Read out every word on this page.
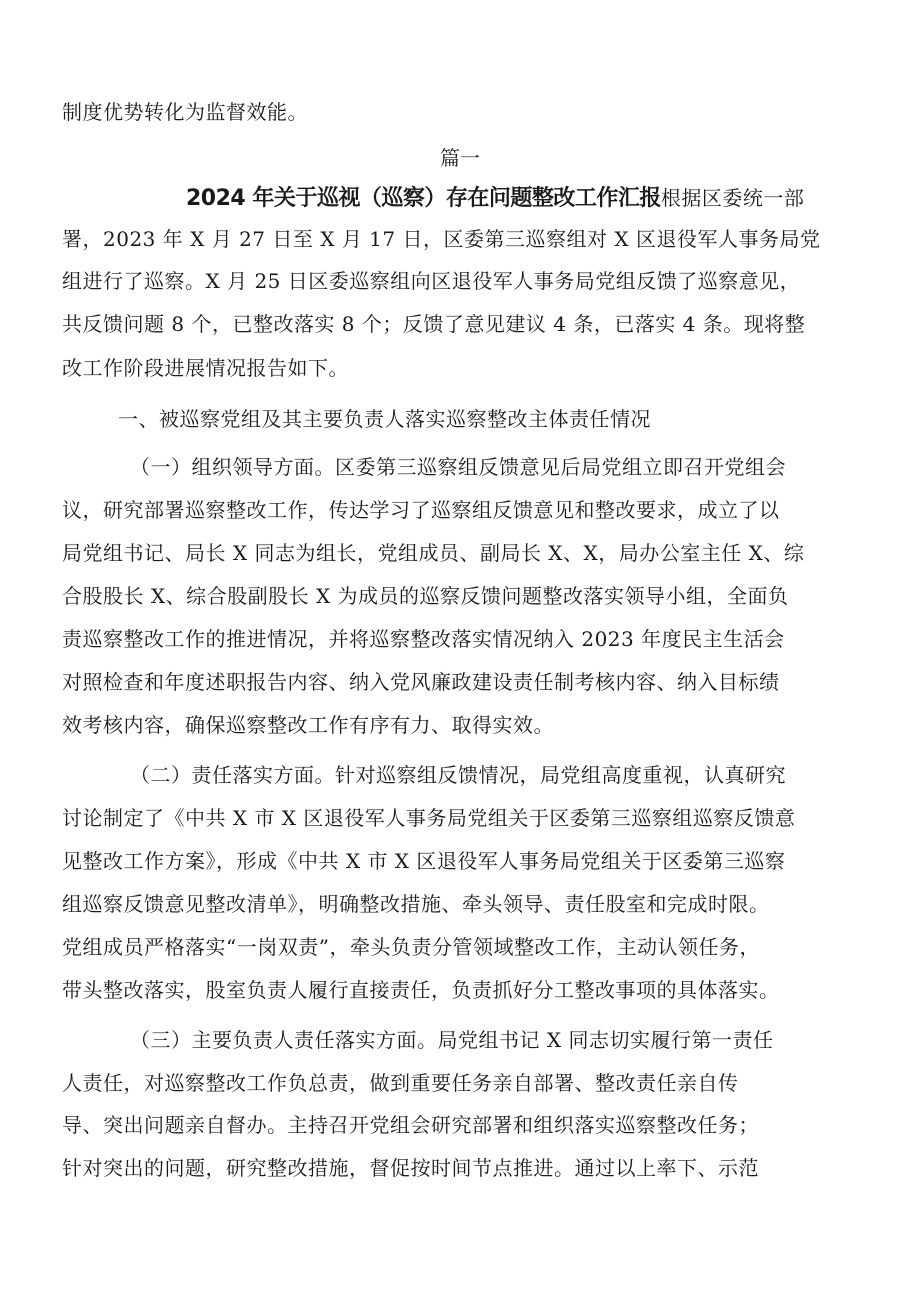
制度优势转化为监督效能。
篇一
2024 年关于巡视（巡察）存在问题整改工作汇报根据区委统一部
署，2023 年 X 月 27 日至 X 月 17 日，区委第三巡察组对 X 区退役军人事务局党
组进行了巡察。X 月 25 日区委巡察组向区退役军人事务局党组反馈了巡察意见，
共反馈问题 8 个，已整改落实 8 个；反馈了意见建议 4 条，已落实 4 条。现将整
改工作阶段进展情况报告如下。
一、被巡察党组及其主要负责人落实巡察整改主体责任情况
（一）组织领导方面。区委第三巡察组反馈意见后局党组立即召开党组会
议，研究部署巡察整改工作，传达学习了巡察组反馈意见和整改要求，成立了以
局党组书记、局长 X 同志为组长，党组成员、副局长 X、X，局办公室主任 X、综
合股股长 X、综合股副股长 X 为成员的巡察反馈问题整改落实领导小组，全面负
责巡察整改工作的推进情况，并将巡察整改落实情况纳入 2023 年度民主生活会
对照检查和年度述职报告内容、纳入党风廉政建设责任制考核内容、纳入目标绩
效考核内容，确保巡察整改工作有序有力、取得实效。
（二）责任落实方面。针对巡察组反馈情况，局党组高度重视，认真研究
讨论制定了《中共 X 市 X 区退役军人事务局党组关于区委第三巡察组巡察反馈意
见整改工作方案》，形成《中共 X 市 X 区退役军人事务局党组关于区委第三巡察
组巡察反馈意见整改清单》，明确整改措施、牵头领导、责任股室和完成时限。
党组成员严格落实“一岗双责”，牵头负责分管领域整改工作，主动认领任务，
带头整改落实，股室负责人履行直接责任，负责抓好分工整改事项的具体落实。
（三）主要负责人责任落实方面。局党组书记 X 同志切实履行第一责任
人责任，对巡察整改工作负总责，做到重要任务亲自部署、整改责任亲自传
导、突出问题亲自督办。主持召开党组会研究部署和组织落实巡察整改任务；
针对突出的问题，研究整改措施，督促按时间节点推进。通过以上率下、示范
